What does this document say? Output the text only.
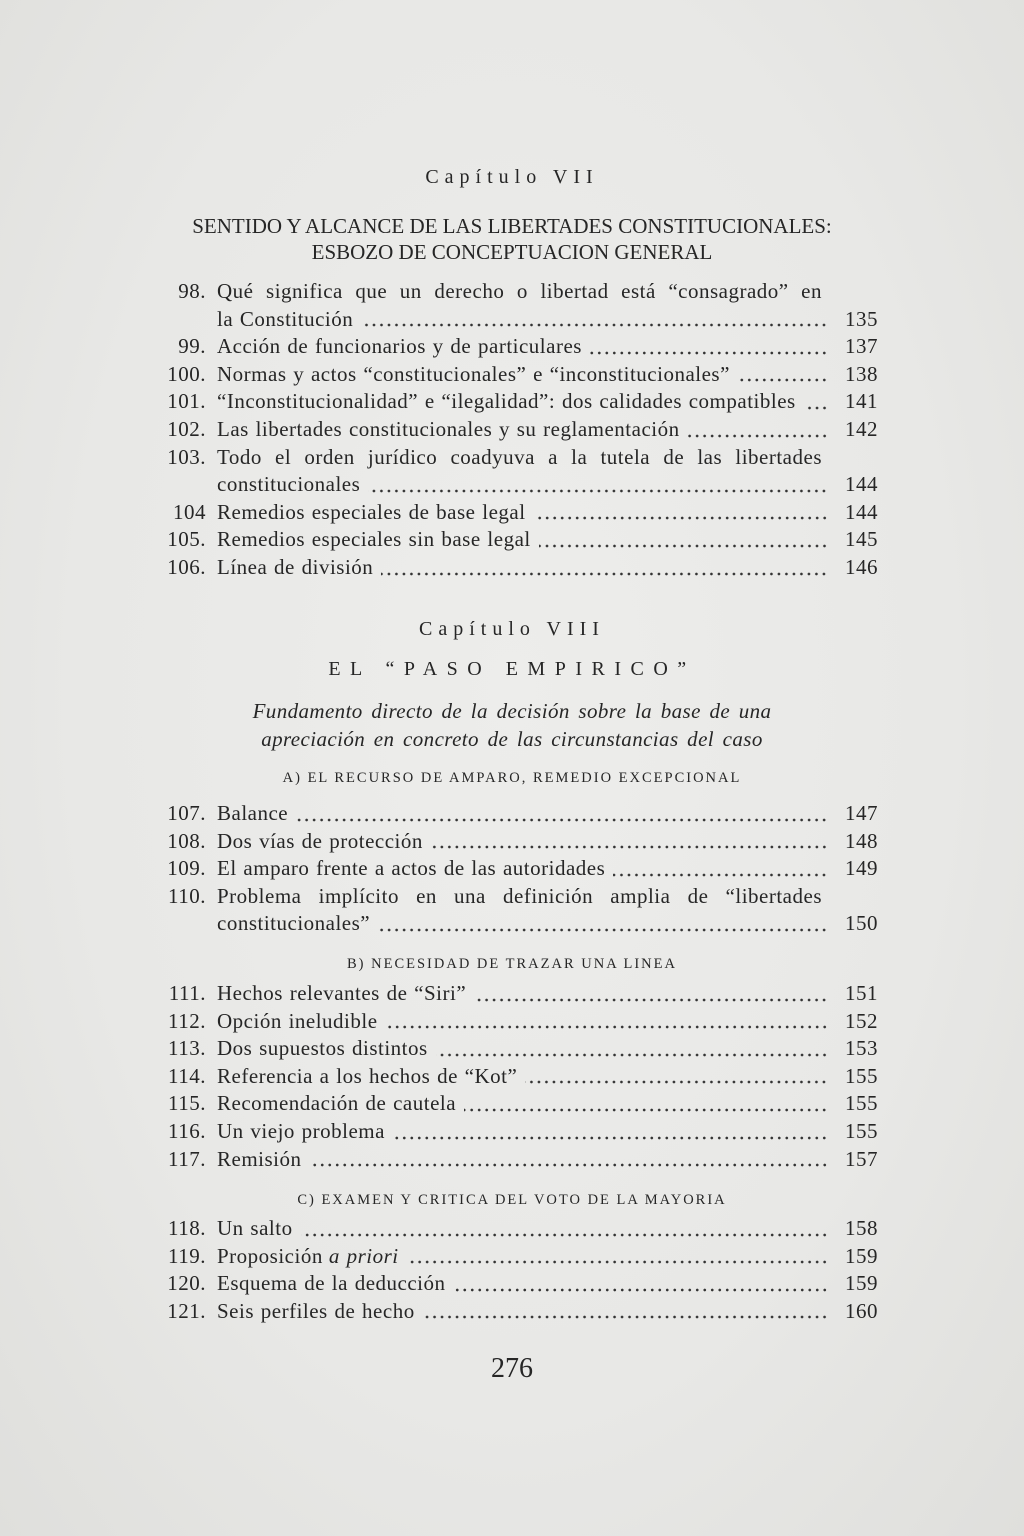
Capítulo VII
SENTIDO Y ALCANCE DE LAS LIBERTADES CONSTITUCIONALES:
ESBOZO DE CONCEPTUACION GENERAL
98. Qué significa que un derecho o libertad está “consagrado” en
la Constitución	135
99. Acción de funcionarios y de particulares	137
100. Normas y actos “constitucionales” e “inconstitucionales”	138
101. “Inconstitucionalidad” e “ilegalidad”: dos calidades compatibles	141
102. Las libertades constitucionales y su reglamentación	142
103. Todo el orden jurídico coadyuva a la tutela de las libertades
constitucionales	144
104 Remedios especiales de base legal	144
105. Remedios especiales sin base legal	145
106. Línea de división	146
Capítulo VIII
EL “PASO EMPIRICO”
Fundamento directo de la decisión sobre la base de una
apreciación en concreto de las circunstancias del caso
A) EL RECURSO DE AMPARO, REMEDIO EXCEPCIONAL
107. Balance	147
108. Dos vías de protección	148
109. El amparo frente a actos de las autoridades	149
110. Problema implícito en una definición amplia de “libertades
constitucionales”	150
B) NECESIDAD DE TRAZAR UNA LINEA
111. Hechos relevantes de “Siri”	151
112. Opción ineludible	152
113. Dos supuestos distintos	153
114. Referencia a los hechos de “Kot”	155
115. Recomendación de cautela	155
116. Un viejo problema	155
117. Remisión	157
C) EXAMEN Y CRITICA DEL VOTO DE LA MAYORIA
118. Un salto	158
119. Proposición a priori	159
120. Esquema de la deducción	159
121. Seis perfiles de hecho	160
276
